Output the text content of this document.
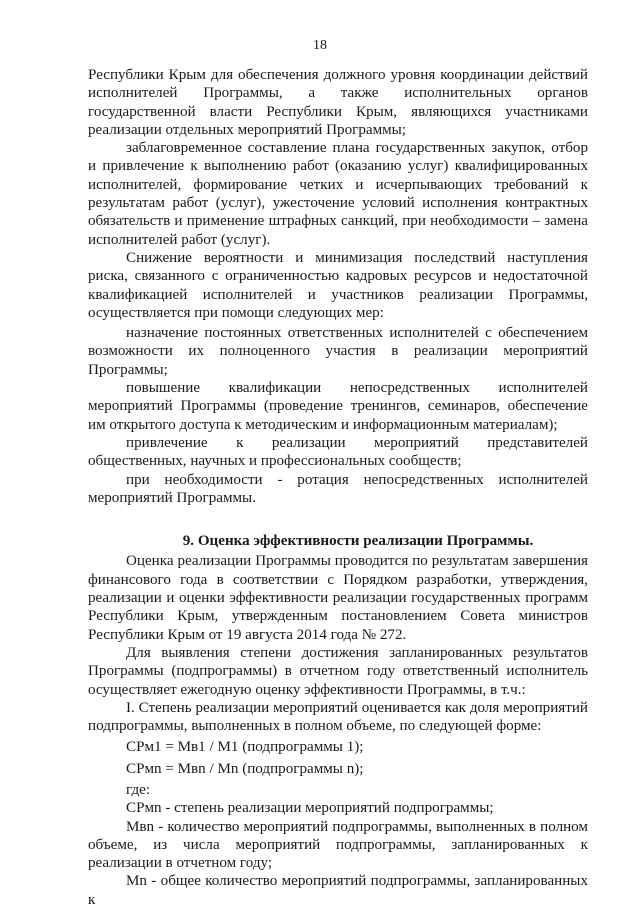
18

Республики Крым для обеспечения должного уровня координации действий исполнителей Программы, а также исполнительных органов государственной власти Республики Крым, являющихся участниками реализации отдельных мероприятий Программы;

заблаговременное составление плана государственных закупок, отбор и привлечение к выполнению работ (оказанию услуг) квалифицированных исполнителей, формирование четких и исчерпывающих требований к результатам работ (услуг), ужесточение условий исполнения контрактных обязательств и применение штрафных санкций, при необходимости – замена исполнителей работ (услуг).

Снижение вероятности и минимизация последствий наступления риска, связанного с ограниченностью кадровых ресурсов и недостаточной квалификацией исполнителей и участников реализации Программы, осуществляется при помощи следующих мер:

назначение постоянных ответственных исполнителей с обеспечением возможности их полноценного участия в реализации мероприятий Программы;

повышение квалификации непосредственных исполнителей мероприятий Программы (проведение тренингов, семинаров, обеспечение им открытого доступа к методическим и информационным материалам);

привлечение к реализации мероприятий представителей общественных, научных и профессиональных сообществ;

при необходимости - ротация непосредственных исполнителей мероприятий Программы.

9. Оценка эффективности реализации Программы.

Оценка реализации Программы проводится по результатам завершения финансового года в соответствии с Порядком разработки, утверждения, реализации и оценки эффективности реализации государственных программ Республики Крым, утвержденным постановлением Совета министров Республики Крым от 19 августа 2014 года № 272.

Для выявления степени достижения запланированных результатов Программы (подпрограммы) в отчетном году ответственный исполнитель осуществляет ежегодную оценку эффективности Программы, в т.ч.:

I. Степень реализации мероприятий оценивается как доля мероприятий подпрограммы, выполненных в полном объеме, по следующей форме:

СРм1 = Мв1 / М1 (подпрограммы 1);

СРмn = Мвn / Мn (подпрограммы n);

где:

СРмn - степень реализации мероприятий подпрограммы;

Мвn - количество мероприятий подпрограммы, выполненных в полном объеме, из числа мероприятий подпрограммы, запланированных к реализации в отчетном году;

Мn - общее количество мероприятий подпрограммы, запланированных к
